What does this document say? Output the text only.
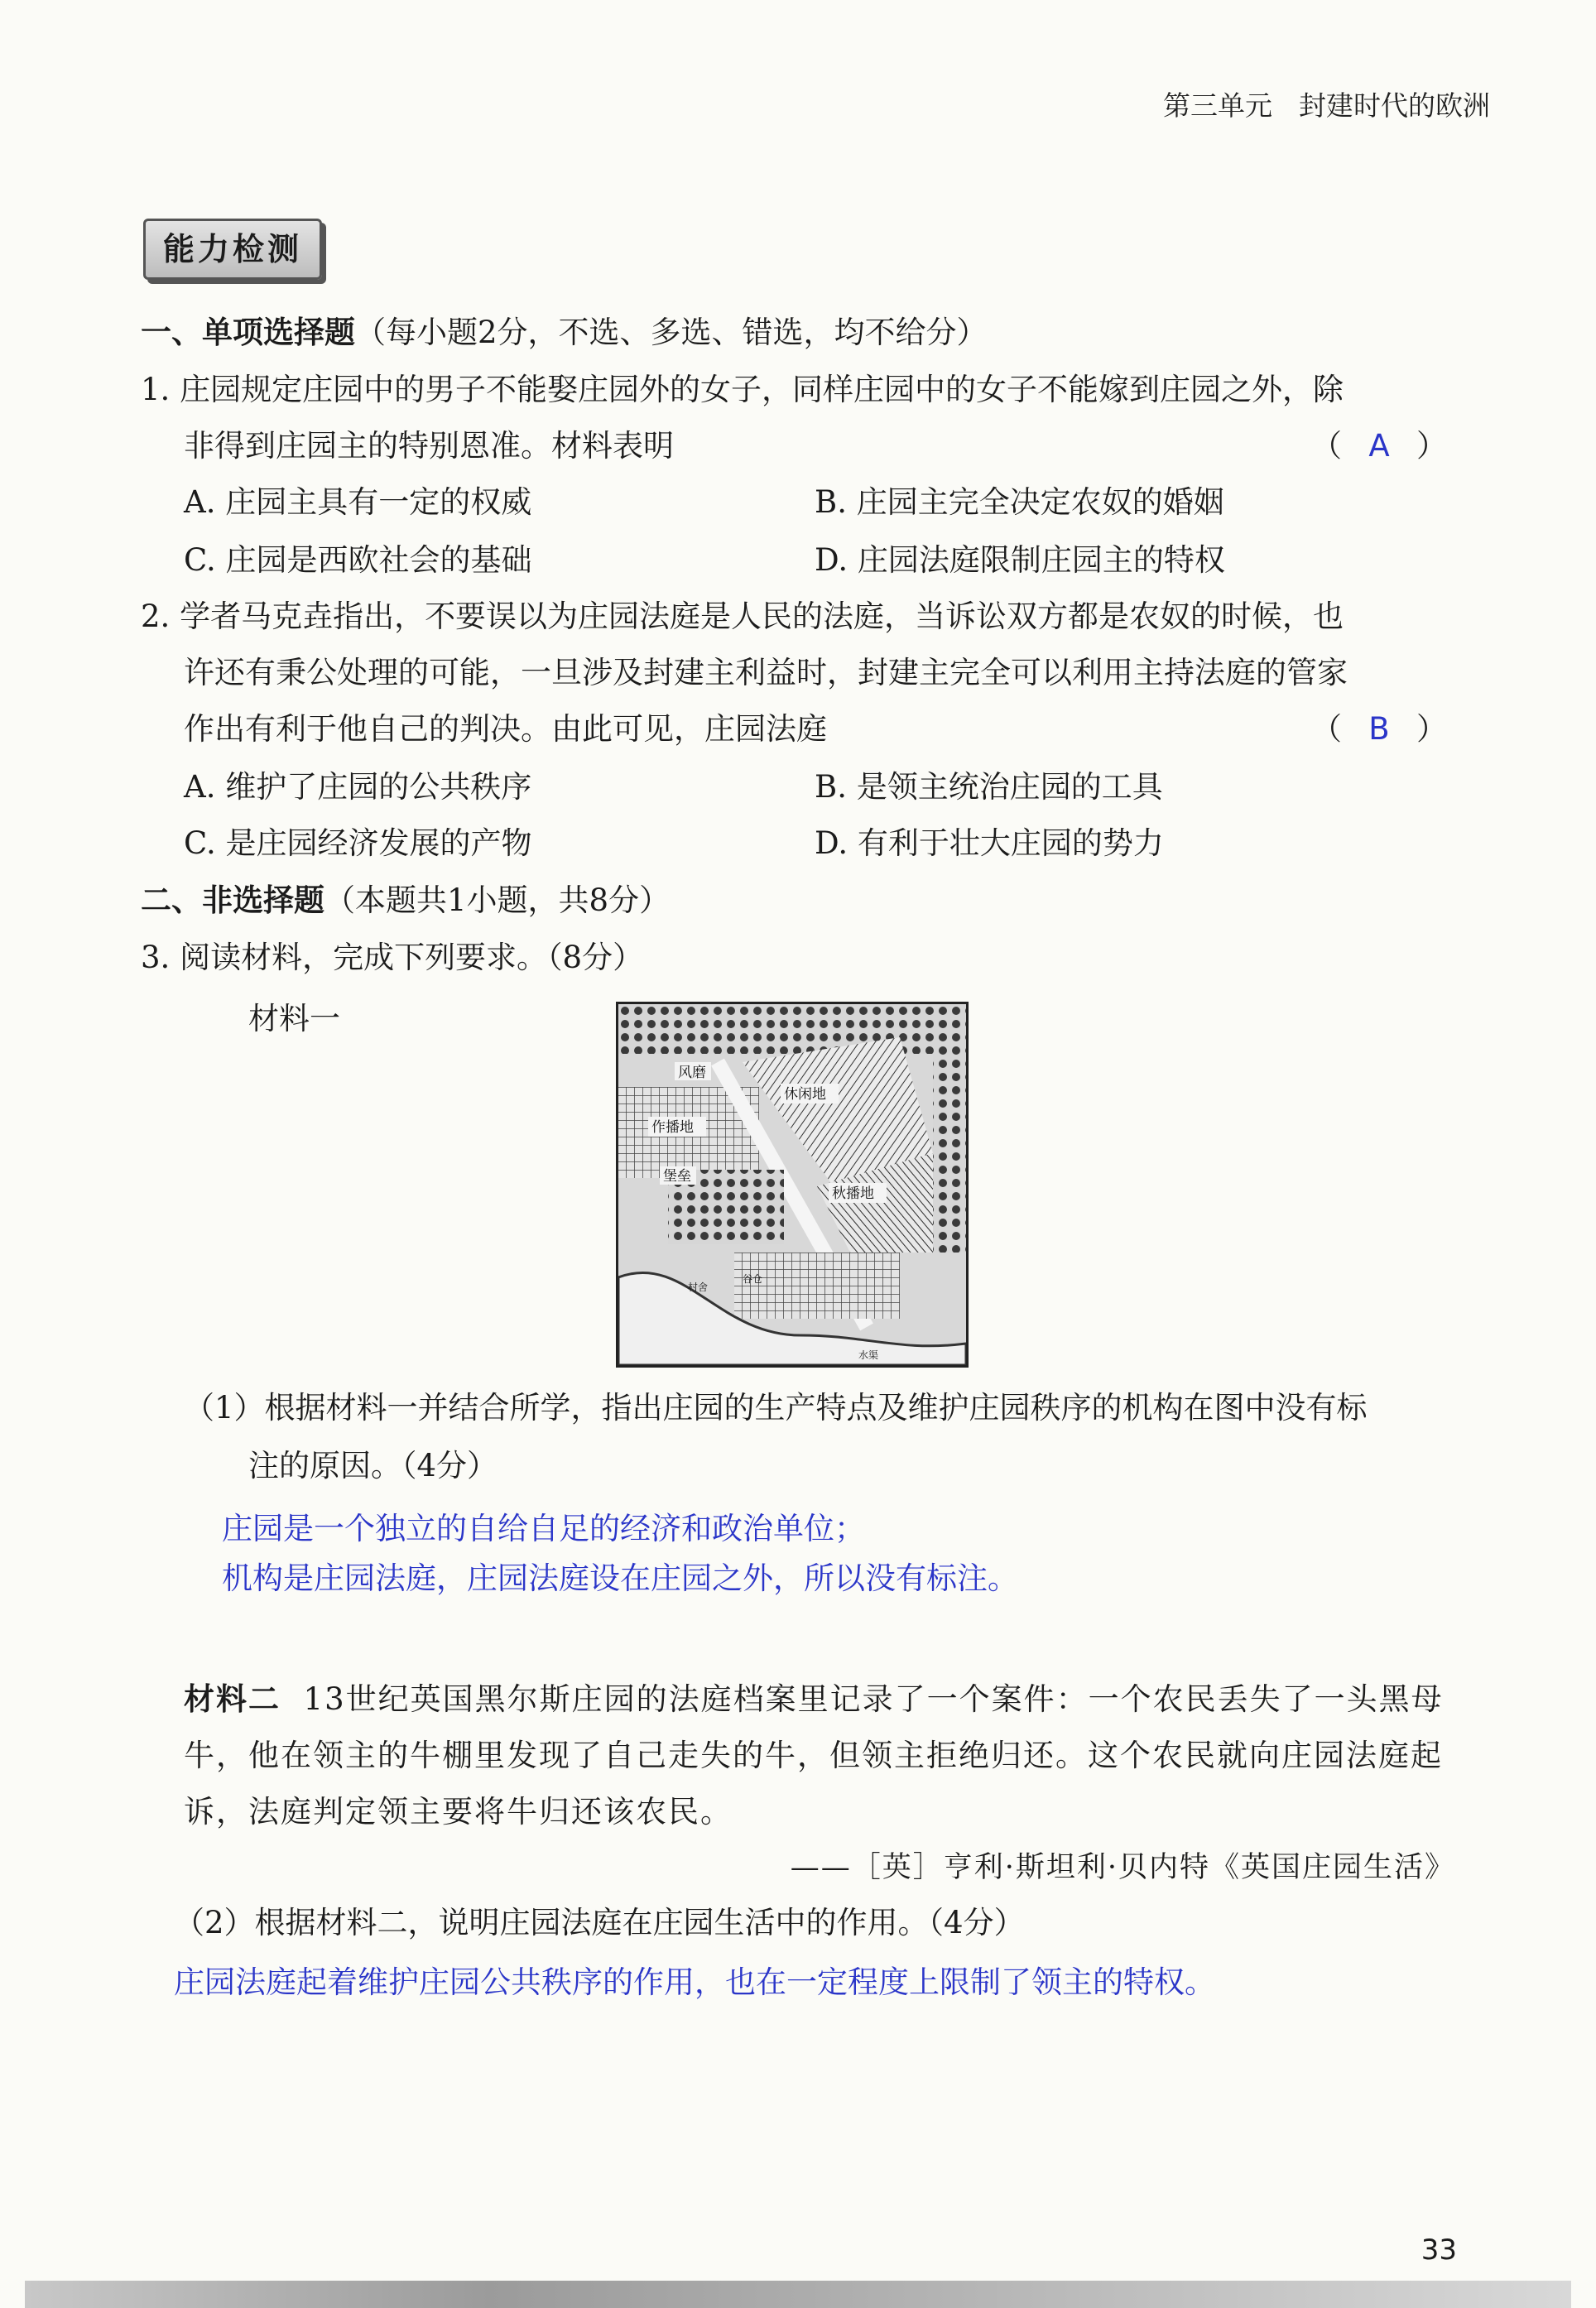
第三单元 封建时代的欧洲
能力检测
一、单项选择题（每小题2分，不选、多选、错选，均不给分）
1. 庄园规定庄园中的男子不能娶庄园外的女子，同样庄园中的女子不能嫁到庄园之外，除
非得到庄园主的特别恩准。材料表明	（ A ）
A. 庄园主具有一定的权威	B. 庄园主完全决定农奴的婚姻
C. 庄园是西欧社会的基础	D. 庄园法庭限制庄园主的特权
2. 学者马克垚指出，不要误以为庄园法庭是人民的法庭，当诉讼双方都是农奴的时候，也
许还有秉公处理的可能，一旦涉及封建主利益时，封建主完全可以利用主持法庭的管家
作出有利于他自己的判决。由此可见，庄园法庭	（ B ）
A. 维护了庄园的公共秩序	B. 是领主统治庄园的工具
C. 是庄园经济发展的产物	D. 有利于壮大庄园的势力
二、非选择题（本题共1小题，共8分）
3. 阅读材料，完成下列要求。（8分）
材料一
风磨
休闲地
作播地
堡垒
秋播地
谷仓
村舍
水渠
（1）根据材料一并结合所学，指出庄园的生产特点及维护庄园秩序的机构在图中没有标
注的原因。（4分）
庄园是一个独立的自给自足的经济和政治单位；
机构是庄园法庭，庄园法庭设在庄园之外，所以没有标注。
材料二 13世纪英国黑尔斯庄园的法庭档案里记录了一个案件：一个农民丢失了一头黑母牛，他在领主的牛棚里发现了自己走失的牛，但领主拒绝归还。这个农民就向庄园法庭起诉，法庭判定领主要将牛归还该农民。
——［英］亨利·斯坦利·贝内特《英国庄园生活》
（2）根据材料二，说明庄园法庭在庄园生活中的作用。（4分）
庄园法庭起着维护庄园公共秩序的作用，也在一定程度上限制了领主的特权。
33
